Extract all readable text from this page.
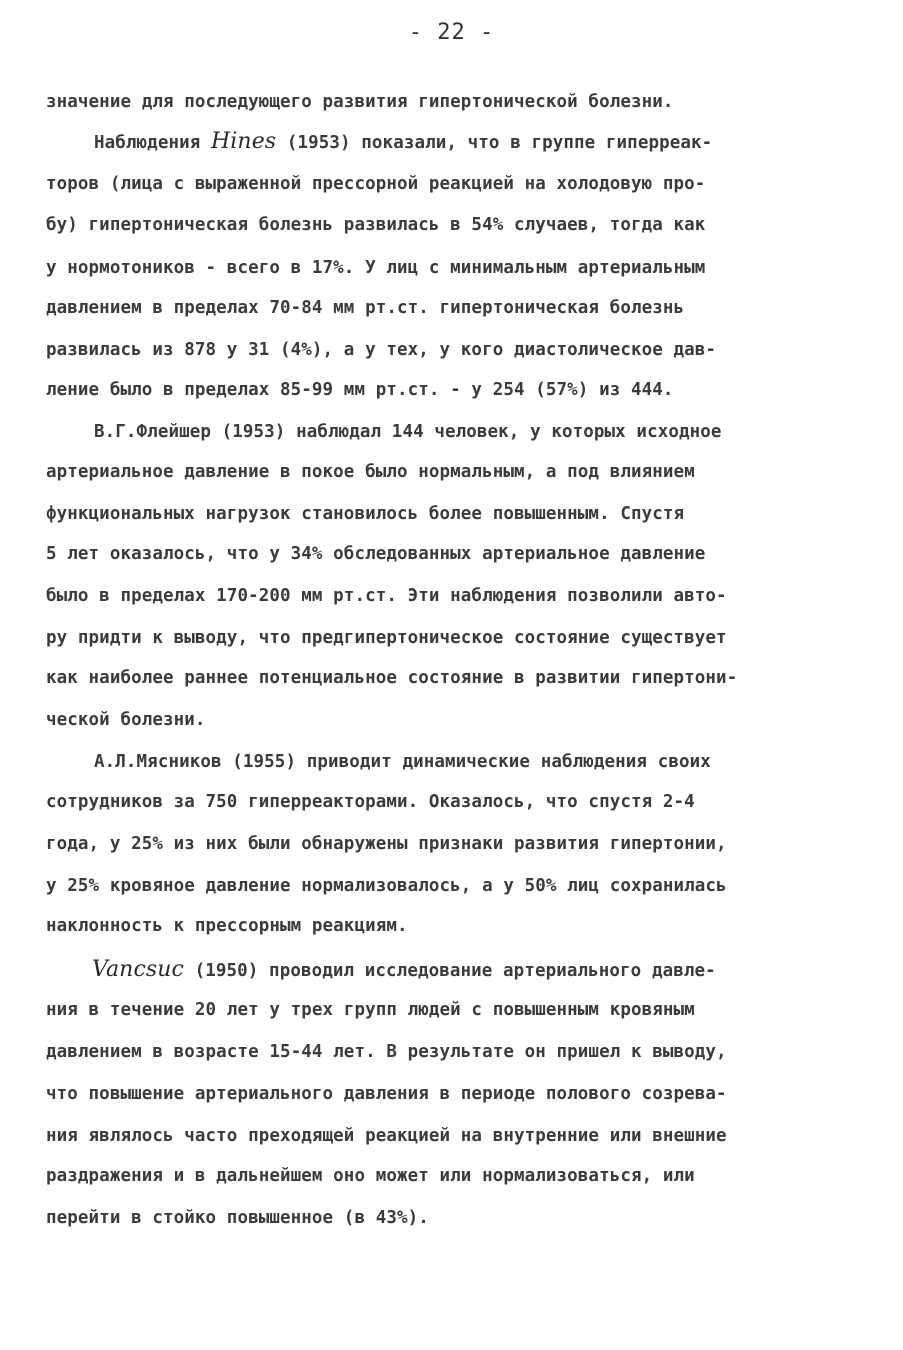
- 22 -
значение для последующего развития гипертонической болезни.
Наблюдения Hines (1953) показали, что в группе гиперреак-
торов (лица с выраженной прессорной реакцией на холодовую про-
бу) гипертоническая болезнь развилась в 54% случаев, тогда как
у нормотоников - всего в 17%. У лиц с минимальным артериальным
давлением в пределах 70-84 мм рт.ст. гипертоническая болезнь
развилась из 878 у 31 (4%), а у тех, у кого диастолическое дав-
ление было в пределах 85-99 мм рт.ст. - у 254 (57%) из 444.
В.Г.Флейшер (1953) наблюдал 144 человек, у которых исходное
артериальное давление в покое было нормальным, а под влиянием
функциональных нагрузок становилось более повышенным. Спустя
5 лет оказалось, что у 34% обследованных артериальное давление
было в пределах 170-200 мм рт.ст. Эти наблюдения позволили авто-
ру придти к выводу, что предгипертоническое состояние существует
как наиболее раннее потенциальное состояние в развитии гипертони-
ческой болезни.
А.Л.Мясников (1955) приводит динамические наблюдения своих
сотрудников за 750 гиперреакторами. Оказалось, что спустя 2-4
года, у 25% из них были обнаружены признаки развития гипертонии,
у 25% кровяное давление нормализовалось, а у 50% лиц сохранилась
наклонность к прессорным реакциям.
Vancsuc (1950) проводил исследование артериального давле-
ния в течение 20 лет у трех групп людей с повышенным кровяным
давлением в возрасте 15-44 лет. В результате он пришел к выводу,
что повышение артериального давления в периоде полового созрева-
ния являлось часто преходящей реакцией на внутренние или внешние
раздражения и в дальнейшем оно может или нормализоваться, или
перейти в стойко повышенное (в 43%).
